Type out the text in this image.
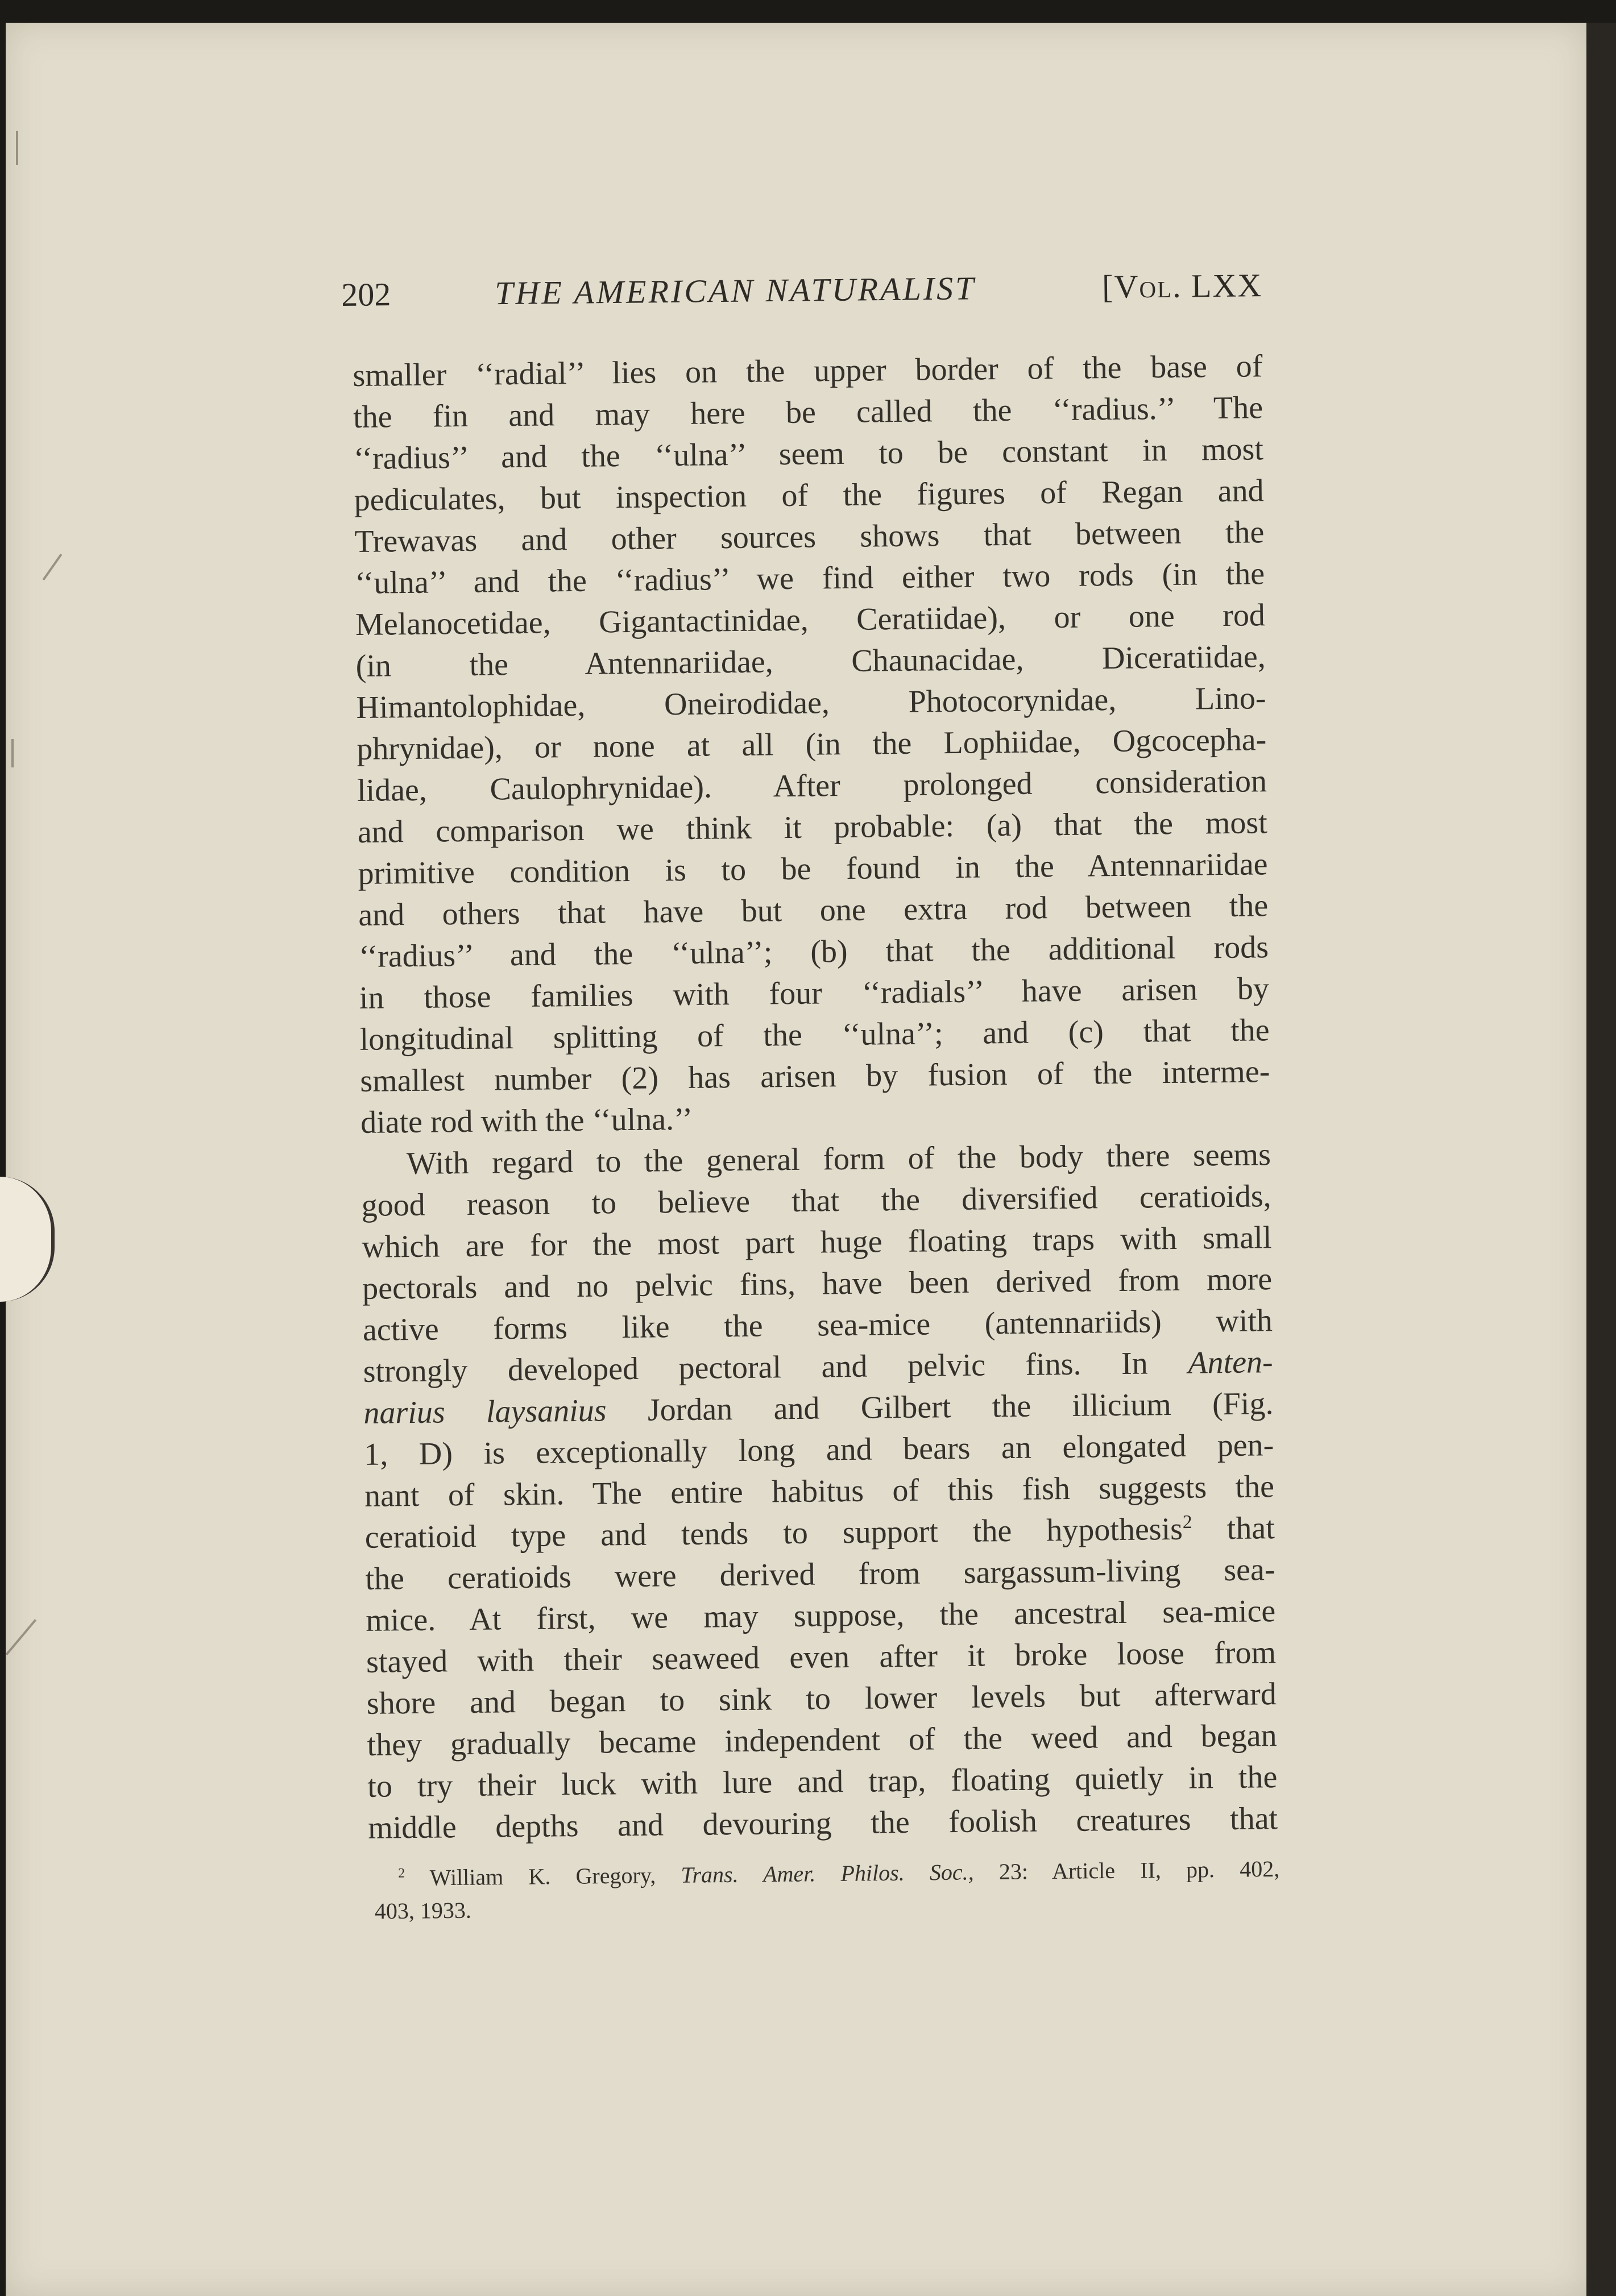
202	THE AMERICAN NATURALIST	[Vol. LXX
smaller ‘‘radial’’ lies on the upper border of the base of
the fin and may here be called the ‘‘radius.’’ The
‘‘radius’’ and the ‘‘ulna’’ seem to be constant in most
pediculates, but inspection of the figures of Regan and
Trewavas and other sources shows that between the
‘‘ulna’’ and the ‘‘radius’’ we find either two rods (in the
Melanocetidae, Gigantactinidae, Ceratiidae), or one rod
(in the Antennariidae, Chaunacidae, Diceratiidae,
Himantolophidae, Oneirodidae, Photocorynidae, Lino-
phrynidae), or none at all (in the Lophiidae, Ogcocepha-
lidae, Caulophrynidae). After prolonged consideration
and comparison we think it probable: (a) that the most
primitive condition is to be found in the Antennariidae
and others that have but one extra rod between the
‘‘radius’’ and the ‘‘ulna’’; (b) that the additional rods
in those families with four ‘‘radials’’ have arisen by
longitudinal splitting of the ‘‘ulna’’; and (c) that the
smallest number (2) has arisen by fusion of the interme-
diate rod with the ‘‘ulna.’’
With regard to the general form of the body there seems
good reason to believe that the diversified ceratioids,
which are for the most part huge floating traps with small
pectorals and no pelvic fins, have been derived from more
active forms like the sea-mice (antennariids) with
strongly developed pectoral and pelvic fins. In Anten-
narius laysanius Jordan and Gilbert the illicium (Fig.
1, D) is exceptionally long and bears an elongated pen-
nant of skin. The entire habitus of this fish suggests the
ceratioid type and tends to support the hypothesis$^2$ that
the ceratioids were derived from sargassum-living sea-
mice. At first, we may suppose, the ancestral sea-mice
stayed with their seaweed even after it broke loose from
shore and began to sink to lower levels but afterward
they gradually became independent of the weed and began
to try their luck with lure and trap, floating quietly in the
middle depths and devouring the foolish creatures that
$^2$ William K. Gregory, Trans. Amer. Philos. Soc., 23: Article II, pp. 402,
403, 1933.
